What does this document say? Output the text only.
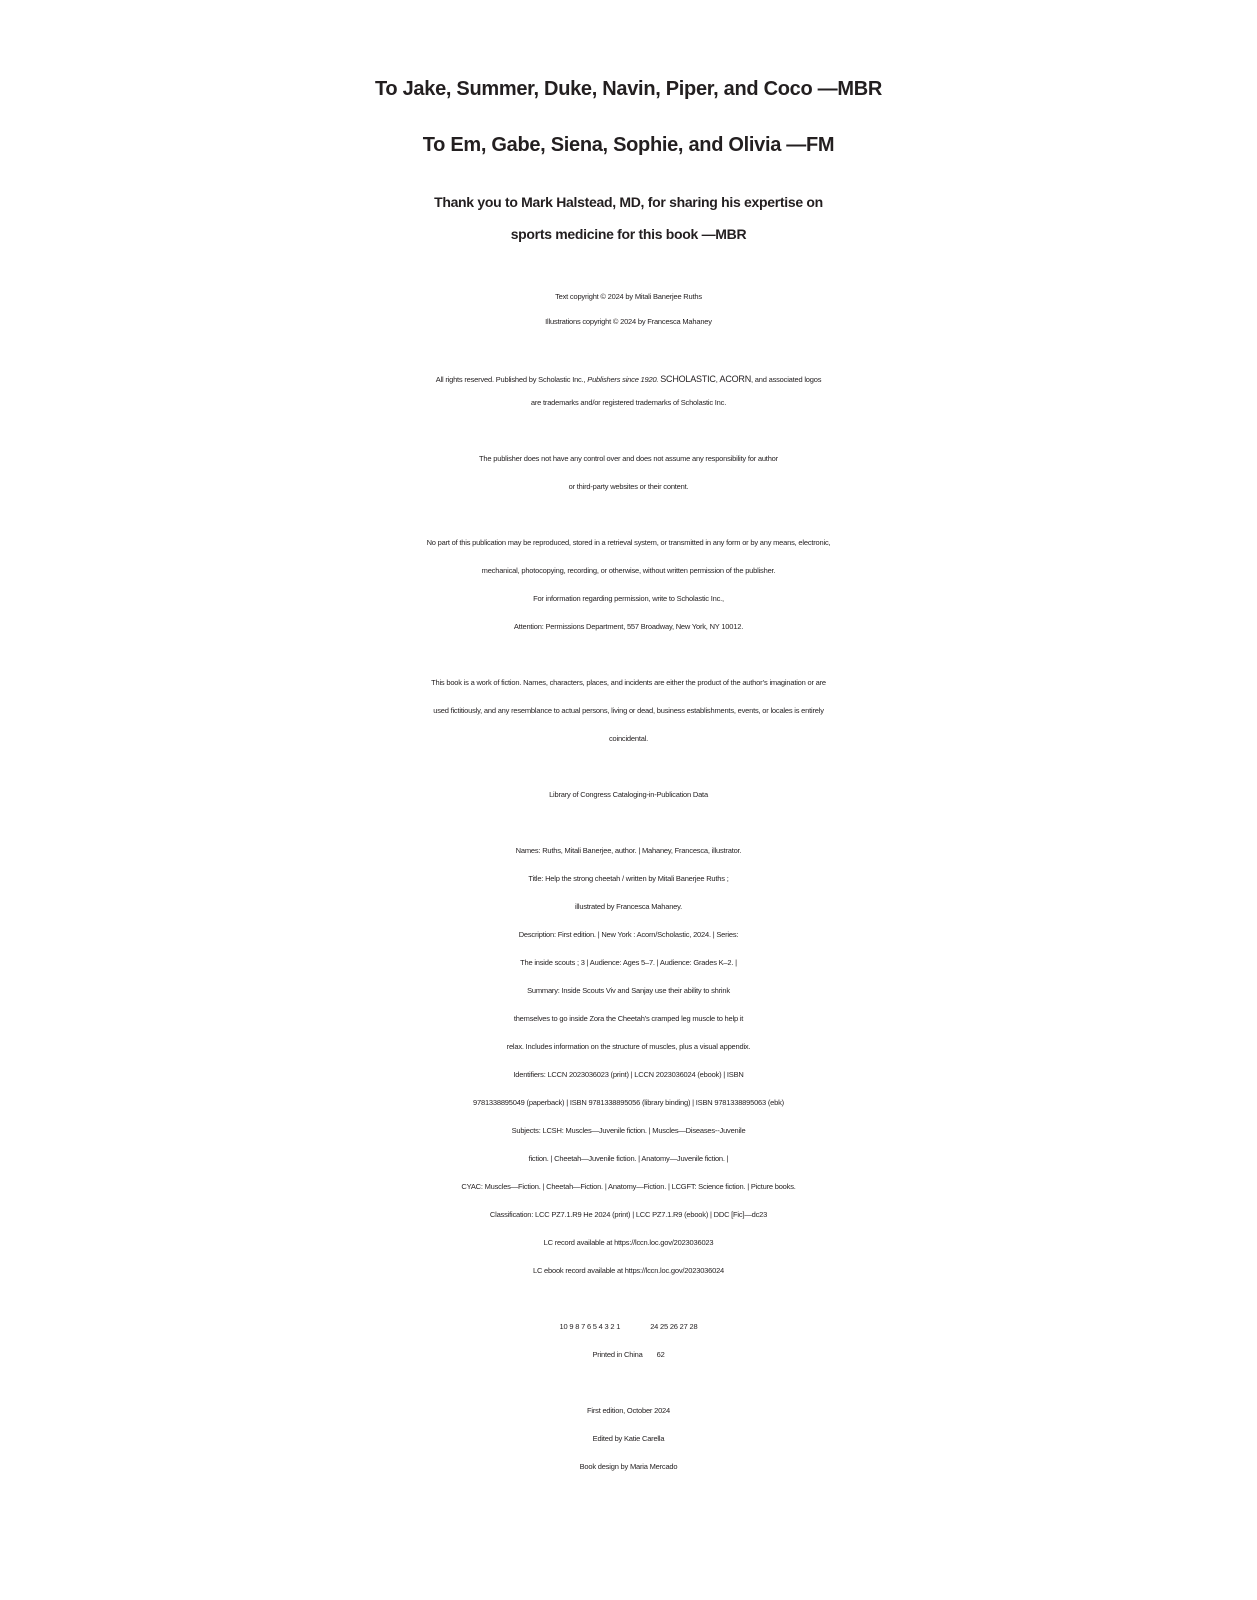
To Jake, Summer, Duke, Navin, Piper, and Coco —MBR
To Em, Gabe, Siena, Sophie, and Olivia —FM
Thank you to Mark Halstead, MD, for sharing his expertise on
sports medicine for this book —MBR
Text copyright © 2024 by Mitali Banerjee Ruths
Illustrations copyright © 2024 by Francesca Mahaney
All rights reserved. Published by Scholastic Inc., Publishers since 1920. scholastic, acorn, and associated logos
are trademarks and/or registered trademarks of Scholastic Inc.
The publisher does not have any control over and does not assume any responsibility for author
or third-party websites or their content.
No part of this publication may be reproduced, stored in a retrieval system, or transmitted in any form or by any means, electronic,
mechanical, photocopying, recording, or otherwise, without written permission of the publisher.
For information regarding permission, write to Scholastic Inc.,
Attention: Permissions Department, 557 Broadway, New York, NY 10012.
This book is a work of fiction. Names, characters, places, and incidents are either the product of the author’s imagination or are
used fictitiously, and any resemblance to actual persons, living or dead, business establishments, events, or locales is entirely
coincidental.
Library of Congress Cataloging-in-Publication Data
Names: Ruths, Mitali Banerjee, author. | Mahaney, Francesca, illustrator.
Title: Help the strong cheetah / written by Mitali Banerjee Ruths ;
illustrated by Francesca Mahaney.
Description: First edition. | New York : Acorn/Scholastic, 2024. | Series:
The inside scouts ; 3 | Audience: Ages 5–7. | Audience: Grades K–2. |
Summary: Inside Scouts Viv and Sanjay use their ability to shrink
themselves to go inside Zora the Cheetah’s cramped leg muscle to help it
relax. Includes information on the structure of muscles, plus a visual appendix.
Identifiers: LCCN 2023036023 (print) | LCCN 2023036024 (ebook) | ISBN
9781338895049 (paperback) | ISBN 9781338895056 (library binding) | ISBN 9781338895063 (ebk)
Subjects: LCSH: Muscles—Juvenile fiction. | Muscles—Diseases--Juvenile
fiction. | Cheetah—Juvenile fiction. | Anatomy—Juvenile fiction. |
CYAC: Muscles—Fiction. | Cheetah—Fiction. | Anatomy—Fiction. | LCGFT: Science fiction. | Picture books.
Classification: LCC PZ7.1.R9 He 2024 (print) | LCC PZ7.1.R9 (ebook) | DDC [Fic]—dc23
LC record available at https://lccn.loc.gov/2023036023
LC ebook record available at https://lccn.loc.gov/2023036024
10 9 8 7 6 5 4 3 2 1	24 25 26 27 28
Printed in China 62
First edition, October 2024
Edited by Katie Carella
Book design by Maria Mercado
